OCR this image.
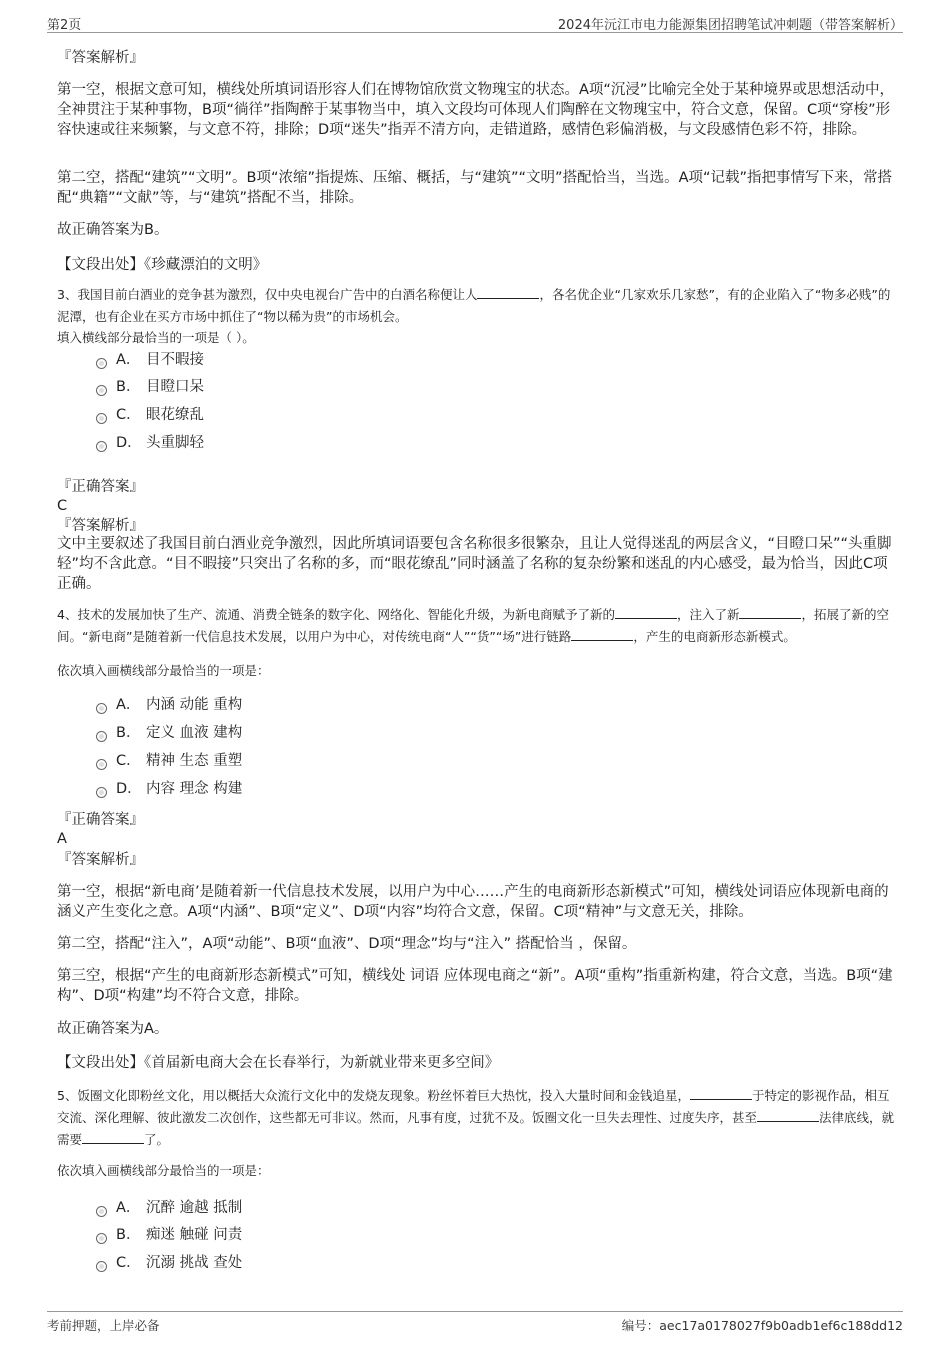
第2页	2024年沅江市电力能源集团招聘笔试冲刺题（带答案解析）

『答案解析』

第一空，根据文意可知，横线处所填词语形容人们在博物馆欣赏文物瑰宝的状态。A项“沉浸”比喻完全处于某种境界或思想活动中，全神贯注于某种事物，B项“徜徉”指陶醉于某事物当中，填入文段均可体现人们陶醉在文物瑰宝中，符合文意，保留。C项“穿梭”形容快速或往来频繁，与文意不符，排除；D项“迷失”指弄不清方向，走错道路，感情色彩偏消极，与文段感情色彩不符，排除。

第二空，搭配“建筑”“文明”。B项“浓缩”指提炼、压缩、概括，与“建筑”“文明”搭配恰当，当选。A项“记载”指把事情写下来，常搭配“典籍”“文献”等，与“建筑”搭配不当，排除。

故正确答案为B。

【文段出处】《珍藏漂泊的文明》

3、我国目前白酒业的竞争甚为激烈，仅中央电视台广告中的白酒名称便让人	，各名优企业“几家欢乐几家愁”，有的企业陷入了“物多必贱”的泥潭，也有企业在买方市场中抓住了“物以稀为贵”的市场机会。

填入横线部分最恰当的一项是（ ）。

A． 目不暇接
B． 目瞪口呆
C． 眼花缭乱
D． 头重脚轻

『正确答案』

C

『答案解析』

文中主要叙述了我国目前白酒业竞争激烈，因此所填词语要包含名称很多很繁杂，且让人觉得迷乱的两层含义，“目瞪口呆”“头重脚轻”均不含此意。“目不暇接”只突出了名称的多，而“眼花缭乱”同时涵盖了名称的复杂纷繁和迷乱的内心感受，最为恰当，因此C项正确。

4、技术的发展加快了生产、流通、消费全链条的数字化、网络化、智能化升级，为新电商赋予了新的	，注入了新	，拓展了新的空间。“新电商”是随着新一代信息技术发展，以用户为中心，对传统电商“人”“货”“场”进行链路	，产生的电商新形态新模式。

依次填入画横线部分最恰当的一项是：

A． 内涵 动能 重构
B． 定义 血液 建构
C． 精神 生态 重塑
D． 内容 理念 构建

『正确答案』

A

『答案解析』

第一空，根据“新电商’是随着新一代信息技术发展，以用户为中心……产生的电商新形态新模式”可知，横线处词语应体现新电商的涵义产生变化之意。A项“内涵”、B项“定义”、D项“内容”均符合文意，保留。C项“精神”与文意无关，排除。

第二空，搭配“注入”，A项“动能”、B项“血液”、D项“理念”均与“注入” 搭配恰当 ，保留。

第三空，根据“产生的电商新形态新模式”可知，横线处 词语 应体现电商之“新”。A项“重构”指重新构建，符合文意，当选。B项“建构”、D项“构建”均不符合文意，排除。

故正确答案为A。

【文段出处】《首届新电商大会在长春举行，为新就业带来更多空间》

5、饭圈文化即粉丝文化，用以概括大众流行文化中的发烧友现象。粉丝怀着巨大热忱，投入大量时间和金钱追星，	于特定的影视作品，相互交流、深化理解、彼此激发二次创作，这些都无可非议。然而，凡事有度，过犹不及。饭圈文化一旦失去理性、过度失序，甚至	法律底线，就需要	了。

依次填入画横线部分最恰当的一项是：

A． 沉醉 逾越 抵制
B． 痴迷 触碰 问责
C． 沉溺 挑战 查处
考前押题，上岸必备	编号：aec17a0178027f9b0adb1ef6c188dd12
